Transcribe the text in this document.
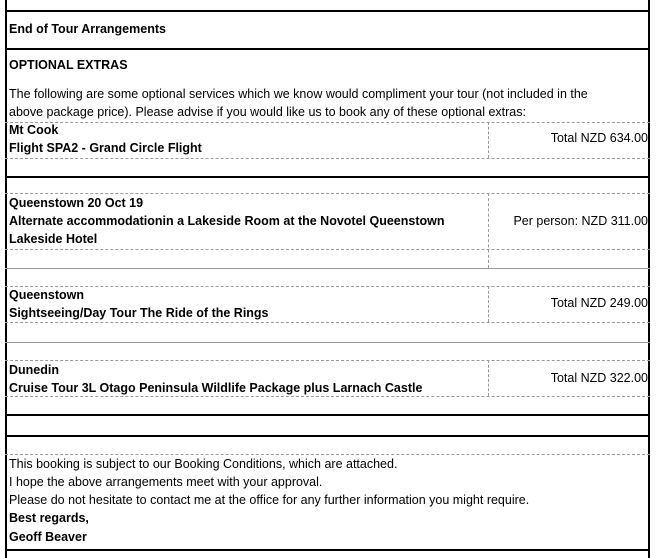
End of Tour Arrangements
OPTIONAL EXTRAS
The following are some optional services which we know would compliment your tour (not included in the
above package price). Please advise if you would like us to book any of these optional extras:
Mt Cook
Flight SPA2 - Grand Circle Flight
Total NZD 634.00
Queenstown 20 Oct 19
Alternate accommodationin a Lakeside Room at the Novotel Queenstown
Lakeside Hotel
Per person: NZD 311.00
Queenstown
Sightseeing/Day Tour The Ride of the Rings
Total NZD 249.00
Dunedin
Cruise Tour 3L Otago Peninsula Wildlife Package plus Larnach Castle
Total NZD 322.00
This booking is subject to our Booking Conditions, which are attached.
I hope the above arrangements meet with your approval.
Please do not hesitate to contact me at the office for any further information you might require.
Best regards,
Geoff Beaver
